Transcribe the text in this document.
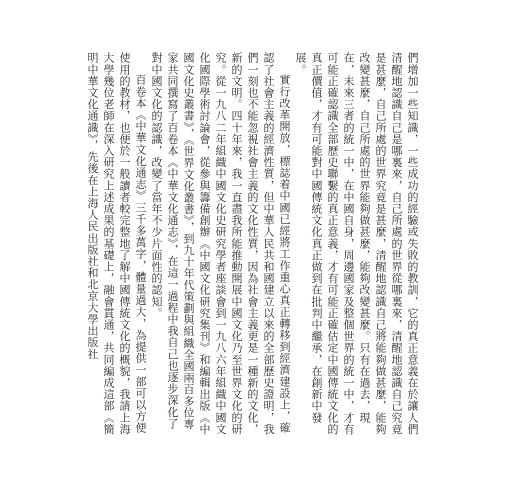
們增加一些知識，一些成功的經驗或失敗的教訓，它的真正意義在於讓人們清醒地認識自己是哪裏來，自己所處的世界從哪裏來，清醒地認識自己究竟是甚麼，自己所處的世界究竟是甚麼，清醒地認識自己將能夠做甚麼，能夠改變甚麼，自己所處的世界能夠做甚麼，能夠改變甚麼。只有在過去，現在，未來三者的統一中，在中國自身，周邊國家及整個世界的統一中，才有可能正確認識全部歷史聯繫的真正意義，才有可能正確估定中國傳統文化的真正價值，才有可能對中國傳統文化真正做到在批判中繼承，在創新中發展。

實行改革開放，標誌着中國已經將工作重心真正轉移到經濟建設上，確認了社會主義的經濟性質，但中華人民共和國建立以來的全部歷史證明，我們一刻也不能忽視社會主義的文化性質，因為社會主義更是一種新的文化，新的文明。四十年來，我一直盡我所能推動開展中國文化乃至世界文化的研究。從一九八二年組織中國文化史研究學者座談會到一九八六年組織中國文化國際學術討論會，從參與籌備創辦《中國文化研究集刊》和編輯出版《中國文化史叢書》，《世界文化叢書》，到九十年代策劃與組織全國兩百多位專家共同撰寫了百卷本《中華文化通志》，在這一過程中我自己也逐步深化了對中國文化的認識，改變了當年不少片面性的認知。

百卷本《中華文化通志》三千多萬字，體量過大，為提供一部可以方便使用的教材，也便於一般讀者較完整地了解中國傳統文化的概貌，我請上海大學幾位老師在深入研究上述成果的基礎上，融會貫通，共同編成這部《簡明中華文化通識》，先後在上海人民出版社和北京大學出版社
